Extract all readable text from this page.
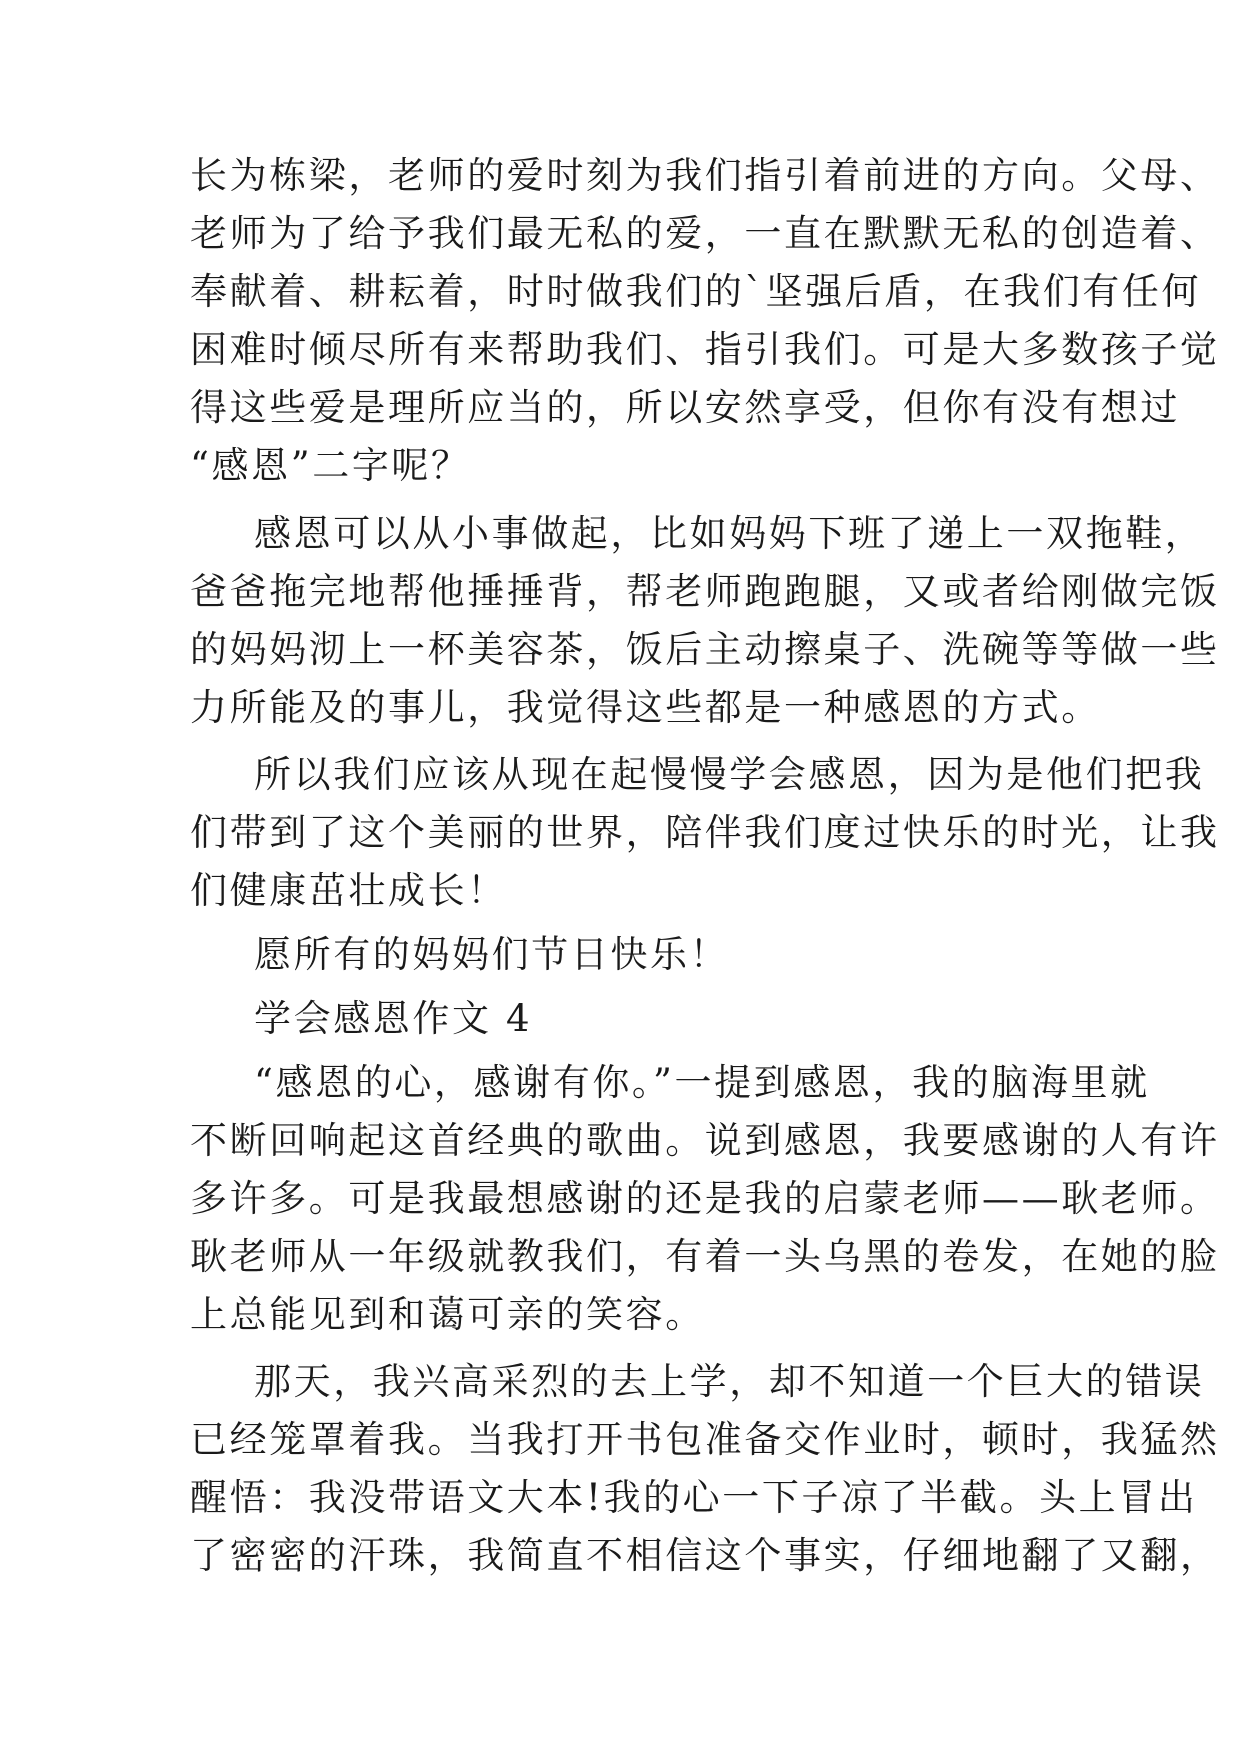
长为栋梁，老师的爱时刻为我们指引着前进的方向。父母、
老师为了给予我们最无私的爱，一直在默默无私的创造着、
奉献着、耕耘着，时时做我们的`坚强后盾，在我们有任何
困难时倾尽所有来帮助我们、指引我们。可是大多数孩子觉
得这些爱是理所应当的，所以安然享受，但你有没有想过
“感恩”二字呢？
感恩可以从小事做起，比如妈妈下班了递上一双拖鞋，
爸爸拖完地帮他捶捶背，帮老师跑跑腿，又或者给刚做完饭
的妈妈沏上一杯美容茶，饭后主动擦桌子、洗碗等等做一些
力所能及的事儿，我觉得这些都是一种感恩的方式。
所以我们应该从现在起慢慢学会感恩，因为是他们把我
们带到了这个美丽的世界，陪伴我们度过快乐的时光，让我
们健康茁壮成长！
愿所有的妈妈们节日快乐！
学会感恩作文 4
“感恩的心，感谢有你。”一提到感恩，我的脑海里就
不断回响起这首经典的歌曲。说到感恩，我要感谢的人有许
多许多。可是我最想感谢的还是我的启蒙老师——耿老师。
耿老师从一年级就教我们，有着一头乌黑的卷发，在她的脸
上总能见到和蔼可亲的笑容。
那天，我兴高采烈的去上学，却不知道一个巨大的错误
已经笼罩着我。当我打开书包准备交作业时，顿时，我猛然
醒悟：我没带语文大本!我的心一下子凉了半截。头上冒出
了密密的汗珠，我简直不相信这个事实，仔细地翻了又翻，
